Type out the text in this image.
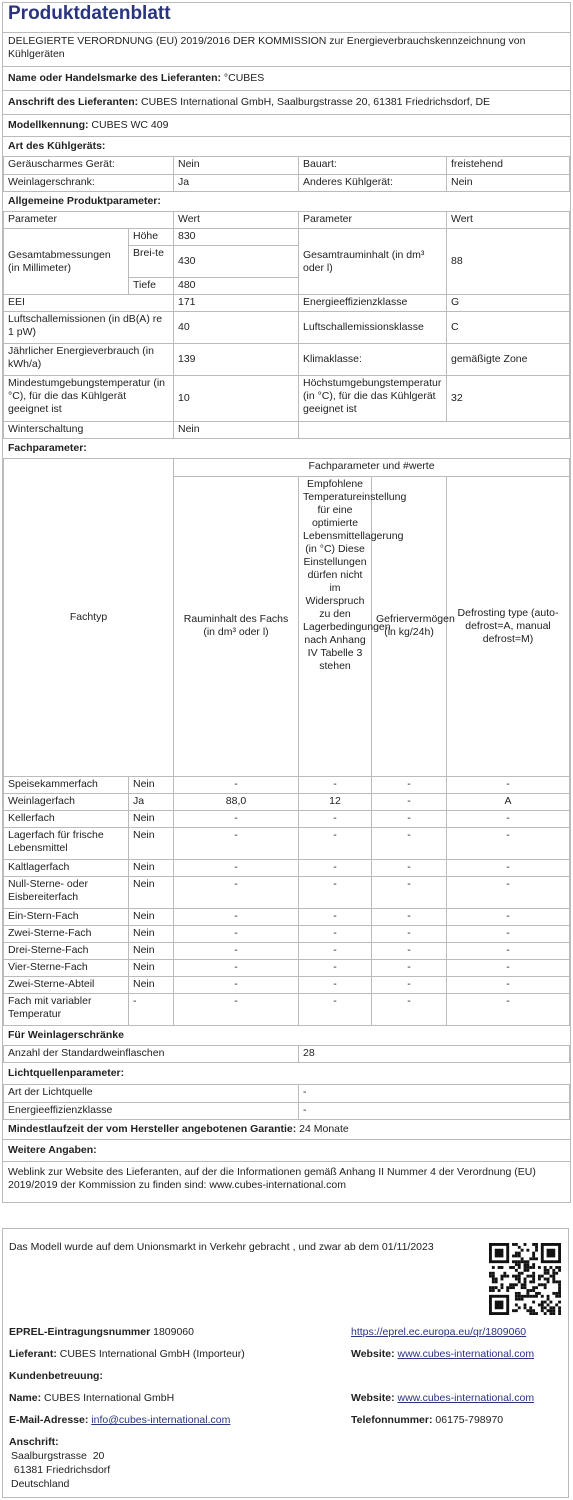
Produktdatenblatt
DELEGIERTE VERORDNUNG (EU) 2019/2016 DER KOMMISSION zur Energieverbrauchskennzeichnung von Kühlgeräten
Name oder Handelsmarke des Lieferanten: °CUBES
Anschrift des Lieferanten: CUBES International GmbH, Saalburgstrasse 20, 61381 Friedrichsdorf, DE
Modellkennung: CUBES WC 409
Art des Kühlgeräts:
Geräuscharmes Gerät:	Nein	Bauart:	freistehend
Weinlagerschrank:	Ja	Anderes Kühlgerät:	Nein
Allgemeine Produktparameter:
Parameter		Wert	Parameter	Wert
Gesamtabmessungen (in Millimeter)	Höhe	830	Gesamtrauminhalt (in dm³ oder l)	88
	Brei-te	430		
	Tiefe	480		
EEI		171	Energieeffizienzklasse	G
Luftschallemissionen (in dB(A) re 1 pW)		40	Luftschallemissionsklasse	C
Jährlicher Energieverbrauch (in kWh/a)		139	Klimaklasse:	gemäßigte Zone
Mindestumgebungstemperatur (in °C), für die das Kühlgerät geeignet ist		10	Höchstumgebungstemperatur (in °C), für die das Kühlgerät geeignet ist	32
Winterschaltung		Nein		
Fachparameter:
Fachtyp		Fachparameter und #werte			
		Rauminhalt des Fachs (in dm³ oder l)	Empfohlene Temperatureinstellung für eine optimierte Lebensmittellagerung (in °C) Diese Einstellungen dürfen nicht im Widerspruch zu den Lagerbedingungen nach Anhang IV Tabelle 3 stehen	Gefriervermögen (in kg/24h)	Defrosting type (auto-defrost=A, manual defrost=M)
Speisekammerfach	Nein	-	-	-	-
Weinlagerfach	Ja	88,0	12	-	A
Kellerfach	Nein	-	-	-	-
Lagerfach für frische Lebensmittel	Nein	-	-	-	-
Kaltlagerfach	Nein	-	-	-	-
Null-Sterne- oder Eisbereiterfach	Nein	-	-	-	-
Ein-Stern-Fach	Nein	-	-	-	-
Zwei-Sterne-Fach	Nein	-	-	-	-
Drei-Sterne-Fach	Nein	-	-	-	-
Vier-Sterne-Fach	Nein	-	-	-	-
Zwei-Sterne-Abteil	Nein	-	-	-	-
Fach mit variabler Temperatur	-	-	-	-	-
Für Weinlagerschränke
Anzahl der Standardweinflaschen	28
Lichtquellenparameter:
Art der Lichtquelle	-
Energieeffizienzklasse	-
Mindestlaufzeit der vom Hersteller angebotenen Garantie: 24 Monate
Weitere Angaben:
Weblink zur Website des Lieferanten, auf der die Informationen gemäß Anhang II Nummer 4 der Verordnung (EU) 2019/2019 der Kommission zu finden sind: www.cubes-international.com
Das Modell wurde auf dem Unionsmarkt in Verkehr gebracht , und zwar ab dem 01/11/2023
EPREL-Eintragungsnummer 1809060	https://eprel.ec.europa.eu/qr/1809060
Lieferant: CUBES International GmbH (Importeur)	Website: www.cubes-international.com
Kundenbetreuung:
Name: CUBES International GmbH	Website: www.cubes-international.com
E-Mail-Adresse: info@cubes-international.com	Telefonnummer: 06175-798970
Anschrift:
Saalburgstrasse  20
61381 Friedrichsdorf
Deutschland
